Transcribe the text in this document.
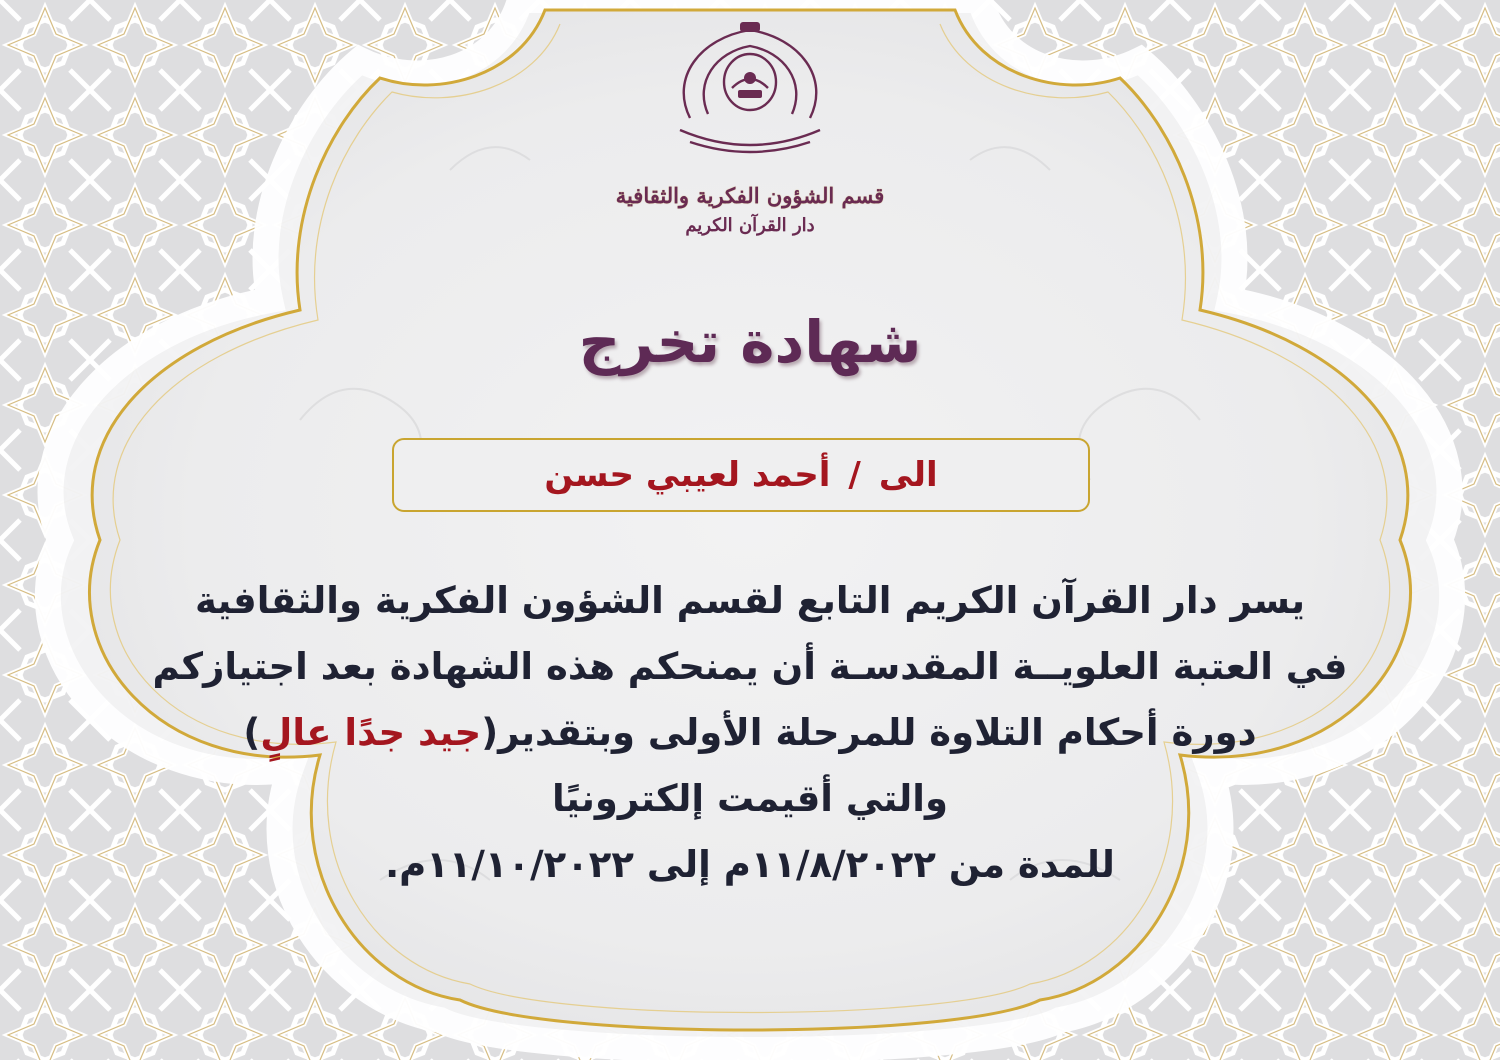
قسم الشؤون الفكرية والثقافية
دار القرآن الكريم
شهادة تخرج
الى
/
أحمد لعيبي حسن
يسر دار القرآن الكريم التابع لقسم الشؤون الفكرية والثقافية
في العتبة العلويــة المقدسـة أن يمنحكم هذه الشهادة بعد اجتيازكم
دورة أحكام التلاوة للمرحلة الأولى وبتقدير(جيد جدًا عالٍ)
والتي أقيمت إلكترونيًا
للمدة من ١١/٨/٢٠٢٢م إلى ١١/١٠/٢٠٢٢م.
